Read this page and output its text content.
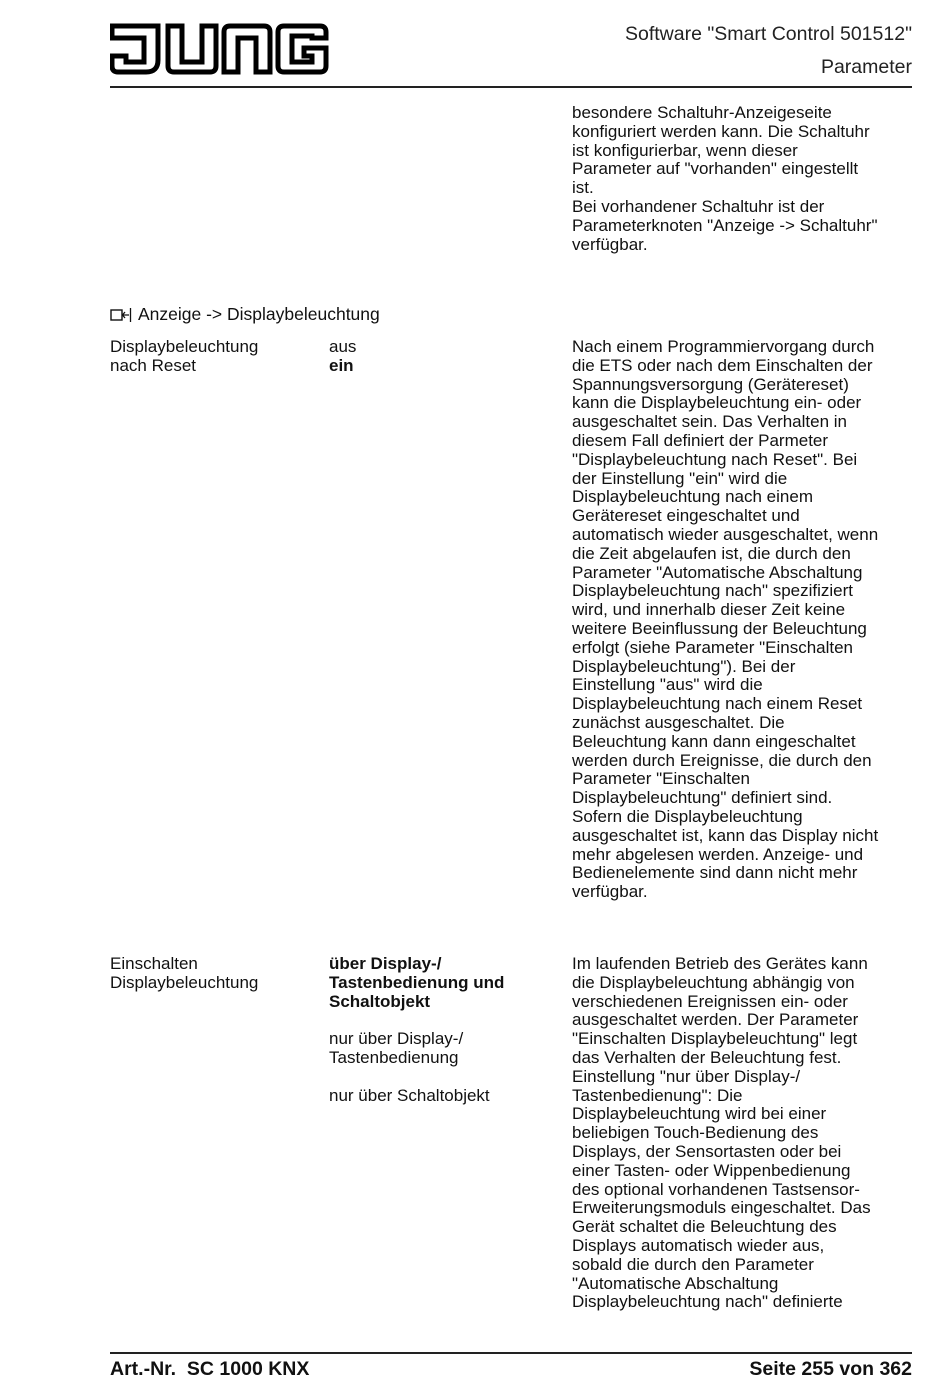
Software "Smart Control 501512"
Parameter

besondere Schaltuhr-Anzeigeseite
konfiguriert werden kann. Die Schaltuhr
ist konfigurierbar, wenn dieser
Parameter auf "vorhanden" eingestellt
ist.
Bei vorhandener Schaltuhr ist der
Parameterknoten "Anzeige -> Schaltuhr"
verfügbar.

Anzeige -> Displaybeleuchtung

Displaybeleuchtung
nach Reset

aus
ein

Nach einem Programmiervorgang durch
die ETS oder nach dem Einschalten der
Spannungsversorgung (Gerätereset)
kann die Displaybeleuchtung ein- oder
ausgeschaltet sein. Das Verhalten in
diesem Fall definiert der Parmeter
"Displaybeleuchtung nach Reset". Bei
der Einstellung "ein" wird die
Displaybeleuchtung nach einem
Gerätereset eingeschaltet und
automatisch wieder ausgeschaltet, wenn
die Zeit abgelaufen ist, die durch den
Parameter "Automatische Abschaltung
Displaybeleuchtung nach" spezifiziert
wird, und innerhalb dieser Zeit keine
weitere Beeinflussung der Beleuchtung
erfolgt (siehe Parameter "Einschalten
Displaybeleuchtung"). Bei der
Einstellung "aus" wird die
Displaybeleuchtung nach einem Reset
zunächst ausgeschaltet. Die
Beleuchtung kann dann eingeschaltet
werden durch Ereignisse, die durch den
Parameter "Einschalten
Displaybeleuchtung" definiert sind.
Sofern die Displaybeleuchtung
ausgeschaltet ist, kann das Display nicht
mehr abgelesen werden. Anzeige- und
Bedienelemente sind dann nicht mehr
verfügbar.

Einschalten
Displaybeleuchtung

über Display-/
Tastenbedienung und
Schaltobjekt
nur über Display-/
Tastenbedienung
nur über Schaltobjekt

Im laufenden Betrieb des Gerätes kann
die Displaybeleuchtung abhängig von
verschiedenen Ereignissen ein- oder
ausgeschaltet werden. Der Parameter
"Einschalten Displaybeleuchtung" legt
das Verhalten der Beleuchtung fest.
Einstellung "nur über Display-/
Tastenbedienung": Die
Displaybeleuchtung wird bei einer
beliebigen Touch-Bedienung des
Displays, der Sensortasten oder bei
einer Tasten- oder Wippenbedienung
des optional vorhandenen Tastsensor-
Erweiterungsmoduls eingeschaltet. Das
Gerät schaltet die Beleuchtung des
Displays automatisch wieder aus,
sobald die durch den Parameter
"Automatische Abschaltung
Displaybeleuchtung nach" definierte

Art.-Nr.  SC 1000 KNX	Seite 255 von 362
